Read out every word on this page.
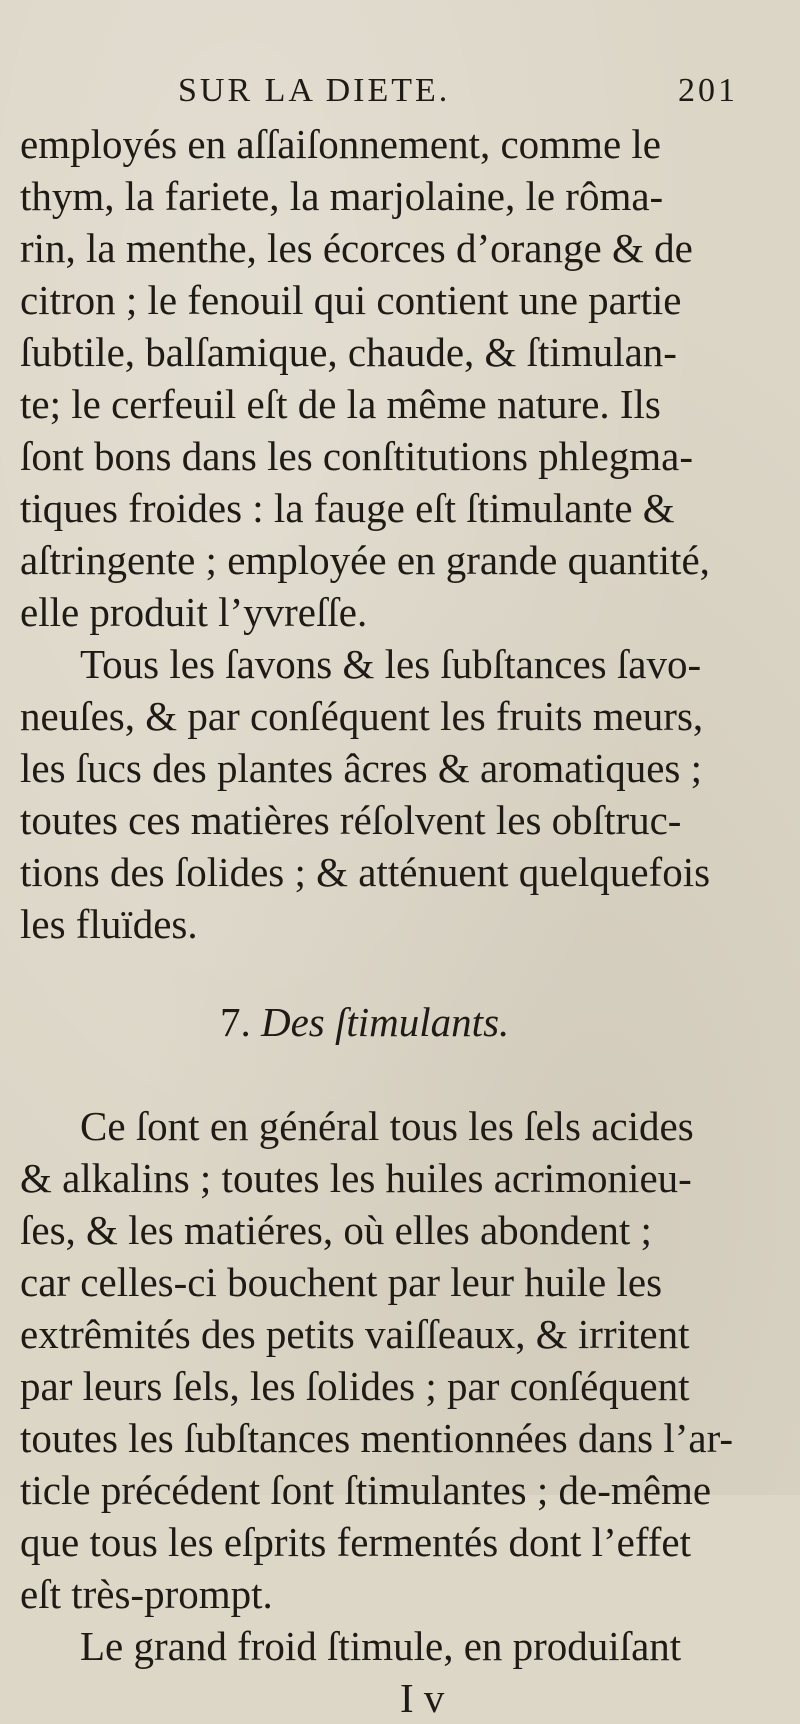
SUR LA DIETE.	201
employés en aſſaiſonnement, comme le
thym, la fariete, la marjolaine, le rôma-
rin, la menthe, les écorces d’orange & de
citron ; le fenouil qui contient une partie
ſubtile, balſamique, chaude, & ſtimulan-
te; le cerfeuil eſt de la même nature. Ils
ſont bons dans les conſtitutions phlegma-
tiques froides : la fauge eſt ſtimulante &
aſtringente ; employée en grande quantité,
elle produit l’yvreſſe.
Tous les ſavons & les ſubſtances ſavo-
neuſes, & par conſéquent les fruits meurs,
les ſucs des plantes âcres & aromatiques ;
toutes ces matières réſolvent les obſtruc-
tions des ſolides ; & atténuent quelquefois
les fluïdes.
7. Des ſtimulants.
Ce ſont en général tous les ſels acides
& alkalins ; toutes les huiles acrimonieu-
ſes, & les matiéres, où elles abondent ;
car celles-ci bouchent par leur huile les
extrêmités des petits vaiſſeaux, & irritent
par leurs ſels, les ſolides ; par conſéquent
toutes les ſubſtances mentionnées dans l’ar-
ticle précédent ſont ſtimulantes ; de-même
que tous les eſprits fermentés dont l’effet
eſt très-prompt.
Le grand froid ſtimule, en produiſant
I v
